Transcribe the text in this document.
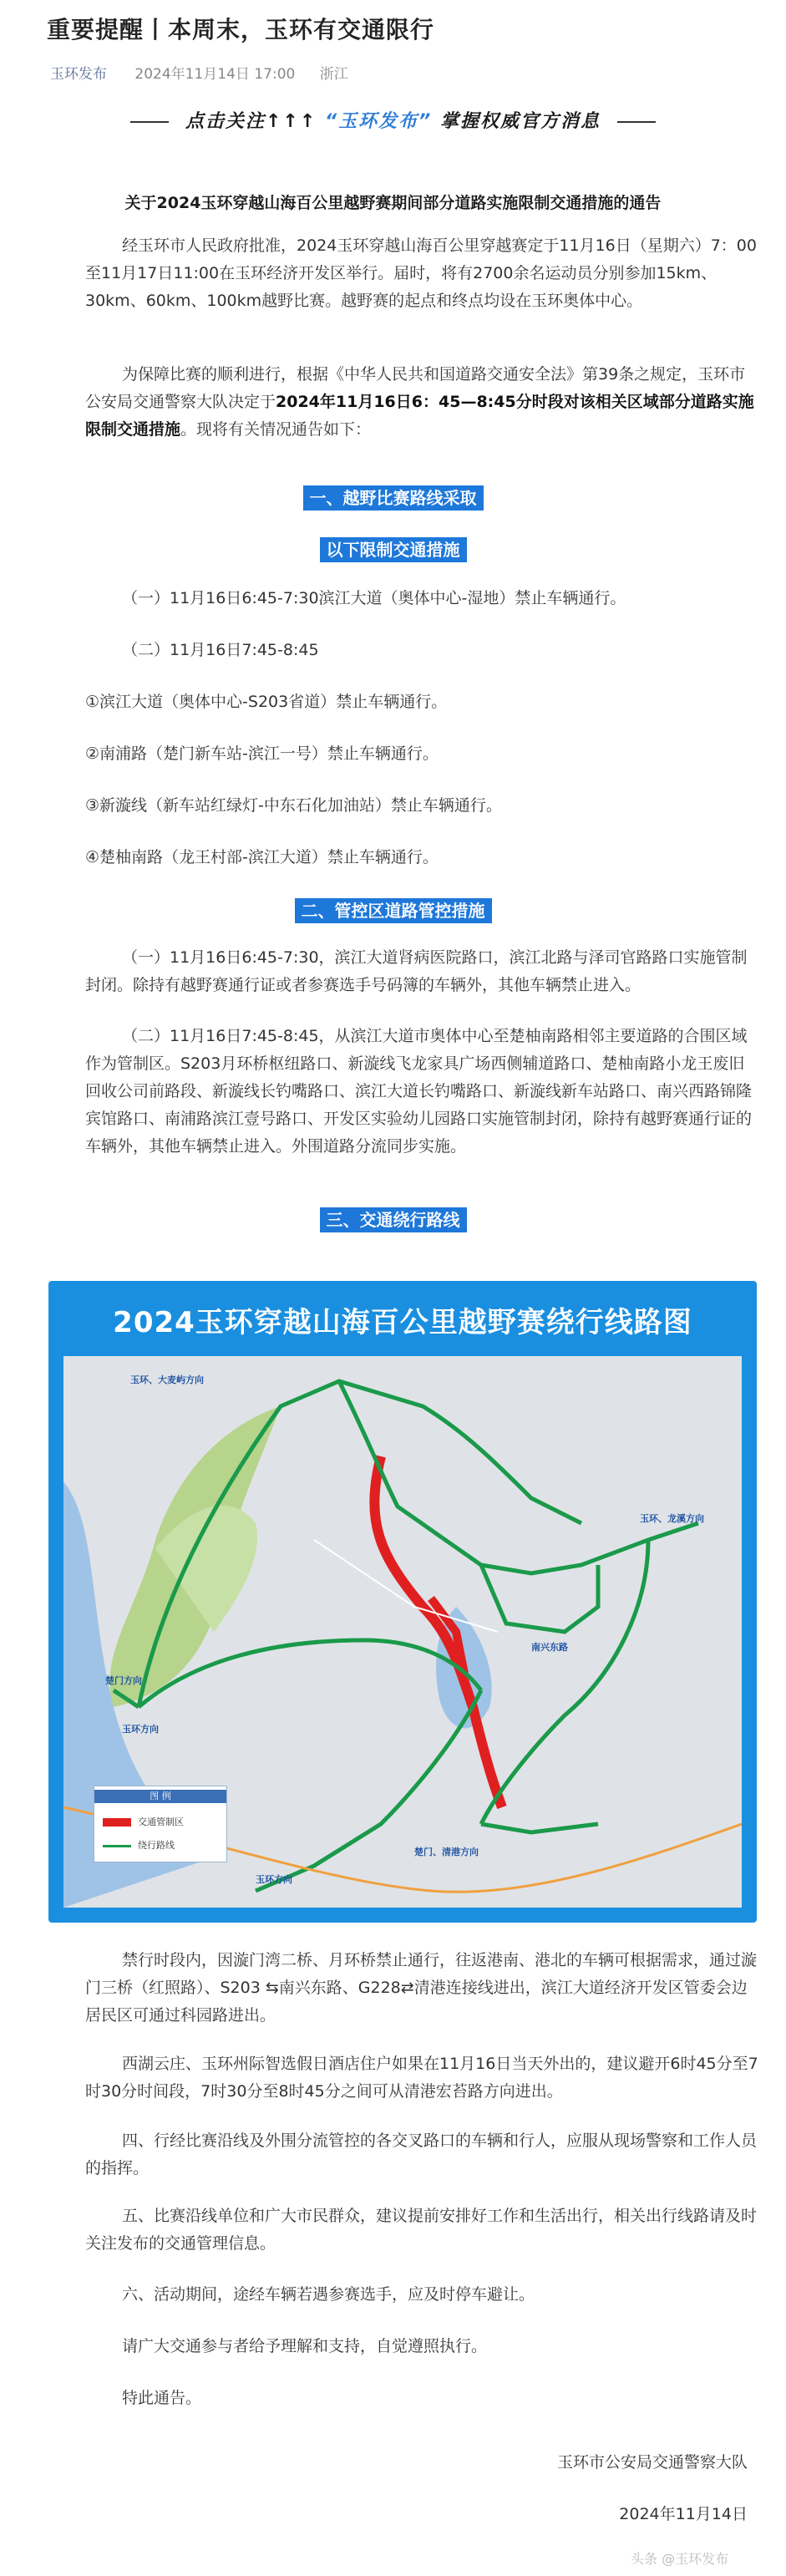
重要提醒丨本周末，玉环有交通限行
玉环发布 2024年11月14日 17:00 浙江
点击关注↑↑↑ “玉环发布” 掌握权威官方消息
关于2024玉环穿越山海百公里越野赛期间部分道路实施限制交通措施的通告
经玉环市人民政府批准，2024玉环穿越山海百公里穿越赛定于11月16日（星期六）7：00至11月17日11:00在玉环经济开发区举行。届时，将有2700余名运动员分别参加15km、30km、60km、100km越野比赛。越野赛的起点和终点均设在玉环奥体中心。
为保障比赛的顺利进行，根据《中华人民共和国道路交通安全法》第39条之规定，玉环市公安局交通警察大队决定于2024年11月16日6：45—8:45分时段对该相关区域部分道路实施限制交通措施。现将有关情况通告如下：
一、越野比赛路线采取
以下限制交通措施
（一）11月16日6:45-7:30滨江大道（奥体中心-湿地）禁止车辆通行。
（二）11月16日7:45-8:45
①滨江大道（奥体中心-S203省道）禁止车辆通行。
②南浦路（楚门新车站-滨江一号）禁止车辆通行。
③新漩线（新车站红绿灯-中东石化加油站）禁止车辆通行。
④楚柚南路（龙王村部-滨江大道）禁止车辆通行。
二、管控区道路管控措施
（一）11月16日6:45-7:30，滨江大道肾病医院路口，滨江北路与泽司官路路口实施管制封闭。除持有越野赛通行证或者参赛选手号码簿的车辆外，其他车辆禁止进入。
（二）11月16日7:45-8:45，从滨江大道市奥体中心至楚柚南路相邻主要道路的合围区域作为管制区。S203月环桥枢纽路口、新漩线飞龙家具广场西侧辅道路口、楚柚南路小龙王废旧回收公司前路段、新漩线长钓嘴路口、滨江大道长钓嘴路口、新漩线新车站路口、南兴西路锦隆宾馆路口、南浦路滨江壹号路口、开发区实验幼儿园路口实施管制封闭，除持有越野赛通行证的车辆外，其他车辆禁止进入。外围道路分流同步实施。
三、交通绕行路线
2024玉环穿越山海百公里越野赛绕行线路图
玉环、大麦屿方向
玉环、龙溪方向
楚门方向
玉环方向
楚门、清港方向
玉环方向
南兴东路
图 例
交通管制区
绕行路线
禁行时段内，因漩门湾二桥、月环桥禁止通行，往返港南、港北的车辆可根据需求，通过漩门三桥（红照路）、S203 ⇆南兴东路、G228⇄清港连接线进出，滨江大道经济开发区管委会边居民区可通过科园路进出。
西湖云庄、玉环州际智选假日酒店住户如果在11月16日当天外出的，建议避开6时45分至7时30分时间段，7时30分至8时45分之间可从清港宏苔路方向进出。
四、行经比赛沿线及外围分流管控的各交叉路口的车辆和行人，应服从现场警察和工作人员的指挥。
五、比赛沿线单位和广大市民群众，建议提前安排好工作和生活出行，相关出行线路请及时关注发布的交通管理信息。
六、活动期间，途经车辆若遇参赛选手，应及时停车避让。
请广大交通参与者给予理解和支持，自觉遵照执行。
特此通告。
玉环市公安局交通警察大队
2024年11月14日
头条 @玉环发布
